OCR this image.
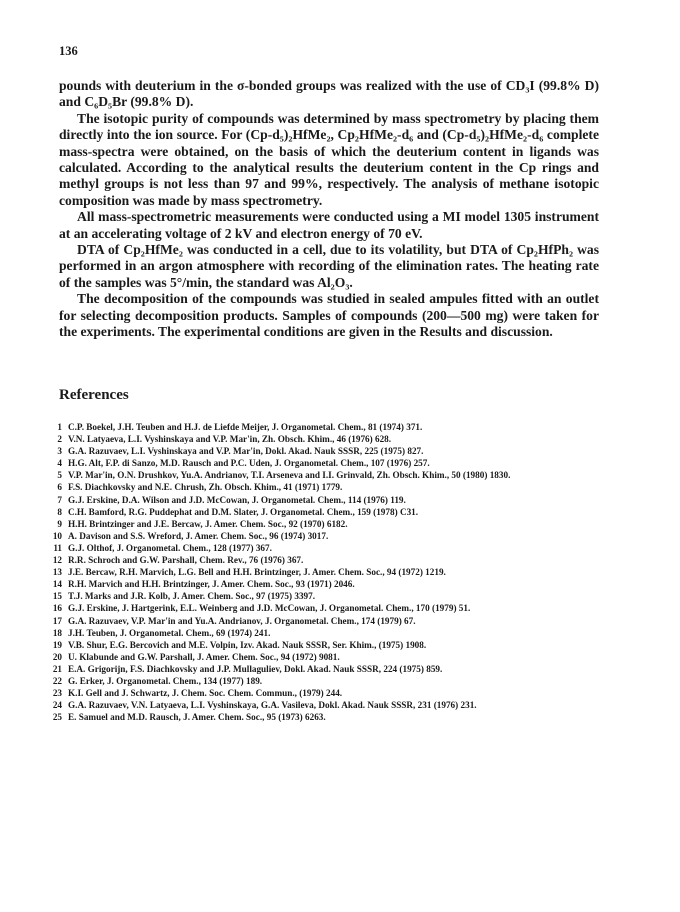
136

pounds with deuterium in the σ-bonded groups was realized with the use of CD₃I (99.8% D) and C₆D₅Br (99.8% D).

The isotopic purity of compounds was determined by mass spectrometry by placing them directly into the ion source. For (Cp-d₅)₂HfMe₂, Cp₂HfMe₂-d₆ and (Cp-d₅)₂HfMe₂-d₆ complete mass-spectra were obtained, on the basis of which the deuterium content in ligands was calculated. According to the analytical results the deuterium content in the Cp rings and methyl groups is not less than 97 and 99%, respectively. The analysis of methane isotopic composition was made by mass spectrometry.

All mass-spectrometric measurements were conducted using a MI model 1305 instrument at an accelerating voltage of 2 kV and electron energy of 70 eV.

DTA of Cp₂HfMe₂ was conducted in a cell, due to its volatility, but DTA of Cp₂HfPh₂ was performed in an argon atmosphere with recording of the elimination rates. The heating rate of the samples was 5°/min, the standard was Al₂O₃.

The decomposition of the compounds was studied in sealed ampules fitted with an outlet for selecting decomposition products. Samples of compounds (200—500 mg) were taken for the experiments. The experimental conditions are given in the Results and discussion.

References
1 C.P. Boekel, J.H. Teuben and H.J. de Liefde Meijer, J. Organometal. Chem., 81 (1974) 371.
2 V.N. Latyaeva, L.I. Vyshinskaya and V.P. Mar'in, Zh. Obsch. Khim., 46 (1976) 628.
3 G.A. Razuvaev, L.I. Vyshinskaya and V.P. Mar'in, Dokl. Akad. Nauk SSSR, 225 (1975) 827.
4 H.G. Alt, F.P. di Sanzo, M.D. Rausch and P.C. Uden, J. Organometal. Chem., 107 (1976) 257.
5 V.P. Mar'in, O.N. Drushkov, Yu.A. Andrianov, T.I. Arseneva and I.I. Grinvald, Zh. Obsch. Khim., 50 (1980) 1830.
6 F.S. Diachkovsky and N.E. Chrush, Zh. Obsch. Khim., 41 (1971) 1779.
7 G.J. Erskine, D.A. Wilson and J.D. McCowan, J. Organometal. Chem., 114 (1976) 119.
8 C.H. Bamford, R.G. Puddephat and D.M. Slater, J. Organometal. Chem., 159 (1978) C31.
9 H.H. Brintzinger and J.E. Bercaw, J. Amer. Chem. Soc., 92 (1970) 6182.
10 A. Davison and S.S. Wreford, J. Amer. Chem. Soc., 96 (1974) 3017.
11 G.J. Olthof, J. Organometal. Chem., 128 (1977) 367.
12 R.R. Schroch and G.W. Parshall, Chem. Rev., 76 (1976) 367.
13 J.E. Bercaw, R.H. Marvich, L.G. Bell and H.H. Brintzinger, J. Amer. Chem. Soc., 94 (1972) 1219.
14 R.H. Marvich and H.H. Brintzinger, J. Amer. Chem. Soc., 93 (1971) 2046.
15 T.J. Marks and J.R. Kolb, J. Amer. Chem. Soc., 97 (1975) 3397.
16 G.J. Erskine, J. Hartgerink, E.L. Weinberg and J.D. McCowan, J. Organometal. Chem., 170 (1979) 51.
17 G.A. Razuvaev, V.P. Mar'in and Yu.A. Andrianov, J. Organometal. Chem., 174 (1979) 67.
18 J.H. Teuben, J. Organometal. Chem., 69 (1974) 241.
19 V.B. Shur, E.G. Bercovich and M.E. Volpin, Izv. Akad. Nauk SSSR, Ser. Khim., (1975) 1908.
20 U. Klabunde and G.W. Parshall, J. Amer. Chem. Soc., 94 (1972) 9081.
21 E.A. Grigorijn, F.S. Diachkovsky and J.P. Mullaguliev, Dokl. Akad. Nauk SSSR, 224 (1975) 859.
22 G. Erker, J. Organometal. Chem., 134 (1977) 189.
23 K.I. Gell and J. Schwartz, J. Chem. Soc. Chem. Commun., (1979) 244.
24 G.A. Razuvaev, V.N. Latyaeva, L.I. Vyshinskaya, G.A. Vasileva, Dokl. Akad. Nauk SSSR, 231 (1976) 231.
25 E. Samuel and M.D. Rausch, J. Amer. Chem. Soc., 95 (1973) 6263.
